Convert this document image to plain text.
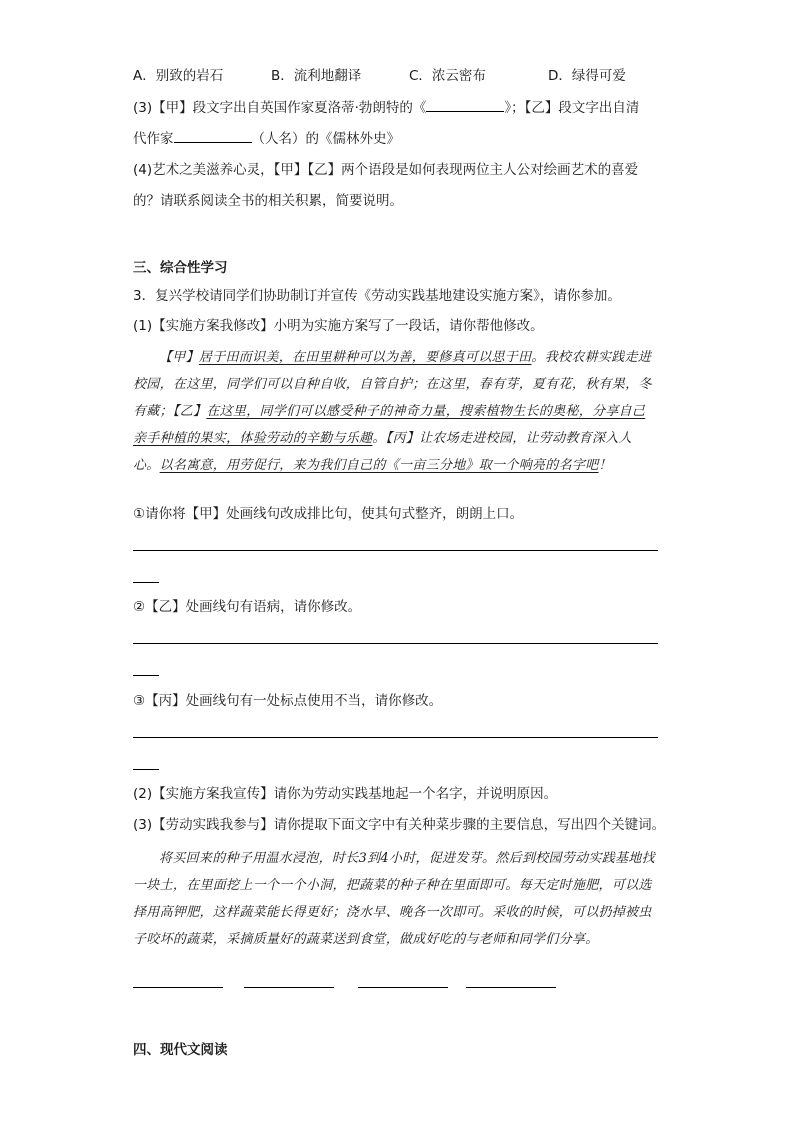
A．别致的岩石	B．流利地翻译	C．浓云密布	D．绿得可爱
(3)【甲】段文字出自英国作家夏洛蒂·勃朗特的《	》；【乙】段文字出自清
代作家	（人名）的《儒林外史》
(4)艺术之美滋养心灵，【甲】【乙】两个语段是如何表现两位主人公对绘画艺术的喜爱
的？请联系阅读全书的相关积累，简要说明。
三、综合性学习
3．复兴学校请同学们协助制订并宣传《劳动实践基地建设实施方案》，请你参加。
(1)【实施方案我修改】小明为实施方案写了一段话，请你帮他修改。
【甲】居于田而识美，在田里耕种可以为善，要修真可以思于田。我校农耕实践走进校园，在这里，同学们可以自种自收，自管自护；在这里，春有芽，夏有花，秋有果，冬有藏；【乙】在这里，同学们可以感受种子的神奇力量，搜索植物生长的奥秘，分享自己亲手种植的果实，体验劳动的辛勤与乐趣。【丙】让农场走进校园，让劳动教育深入人心。以名寓意，用劳促行，来为我们自己的《一亩三分地》取一个响亮的名字吧！
①请你将【甲】处画线句改成排比句，使其句式整齐，朗朗上口。
②【乙】处画线句有语病，请你修改。
③【丙】处画线句有一处标点使用不当，请你修改。
(2)【实施方案我宣传】请你为劳动实践基地起一个名字，并说明原因。
(3)【劳动实践我参与】请你提取下面文字中有关种菜步骤的主要信息，写出四个关键词。
将买回来的种子用温水浸泡，时长3到4小时，促进发芽。然后到校园劳动实践基地找一块土，在里面挖上一个一个小洞，把蔬菜的种子种在里面即可。每天定时施肥，可以选择用高钾肥，这样蔬菜能长得更好；浇水早、晚各一次即可。采收的时候，可以扔掉被虫子咬坏的蔬菜，采摘质量好的蔬菜送到食堂，做成好吃的与老师和同学们分享。
四、现代文阅读
